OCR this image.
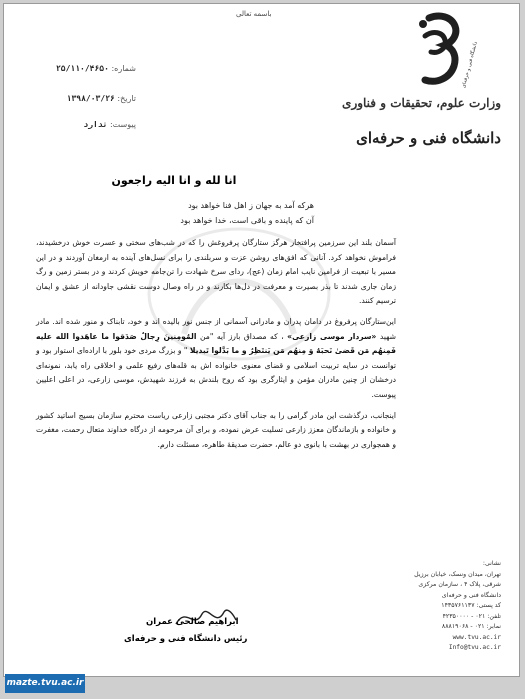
باسمه تعالی
شماره: ۲۵/۱۱۰/۴۶۵۰
تاریخ: ۱۳۹۸/۰۳/۲۶
پیوست: ندارد
دانشگاه فنی و حرفه‌ای
وزارت علوم، تحقیقات و فناوری
دانشگاه فنی و حرفه‌ای
انا لله و انا الیه راجعون
هرکه آمد به جهان ز اهل فنا خواهد بود
آن که پاینده و باقی است، خدا خواهد بود

آسمان بلند این سرزمین پرافتخار هرگز ستارگان پرفروغش را که در شب‌های سختی و عسرت خوش درخشیدند، فراموش نخواهد کرد. آنانی که افق‌های روشن عزت و سربلندی را برای نسل‌های آینده به ارمغان آوردند و در این مسیر با تبعیت از فرامین نایب امام زمان (عج)، ردای سرخ شهادت را تن‌جامه خویش کردند و در بستر زمین و رگ زمان جاری شدند تا بذر بصیرت و معرفت در دل‌ها بکارند و در راه وصال دوست نقشی جاودانه از عشق و ایمان ترسیم کنند.

این‌ستارگان پرفروغ در دامان پدران و مادرانی آسمانی از جنس نور بالیده اند و خود، تابناک و منور شده اند. مادر شهید «سردار موسی زارعی» ، که مصداق بارز آیه "من المُومِنينَ رِجالٌ صَدَقوا ما عاهَدوا الله عليه فَمِنهُم مَن قَضىٰ نَحبَهُ وَ مِنهُم مَن يَنتَظِرُ و ما بَدَّلوا تَبديلا " و بزرگ مردی خود بلور با اراده‌ای استوار بود و توانست در سایه تربیت اسلامی و قضای معنوی خانواده اش به قله‌های رفیع علمی و اخلاقی راه یابد، نمونه‌ای درخشان از چنین مادران مؤمن و ایثارگری بود که روح بلندش به فرزند شهیدش، موسی زارعی، در اعلی اعلیین پیوست.

اینجانب، درگذشت این مادر گرامی را به جناب آقای دکتر مجتبی زارعی ریاست محترم سازمان بسیج اساتید کشور و خانواده و بازماندگان معزز زارعی تسلیت عرض نموده، و برای آن مرحومه از درگاه خداوند متعال رحمت، مغفرت و همجواری در بهشت با بانوی دو عالم، حضرت صدیقهٔ طاهره، مسئلت دارم.

ابراهیم صالحیٔ عمران
رئیس دانشگاه فنی و حرفه‌ای
نشانی:
تهران، میدان ونسک، خیابان برزیل شرقی، پلاک ۴ ، سازمان مرکزی دانشگاه فنی و حرفه‌ای
کد پستی: ۱۴۳۵۷۶۱۱۳۷
تلفن: ۰۲۱ - ۴۲۳۵۰۰۰۰
نمابر: ۰۲۱ - ۸۸۸۱۹۰۶۸
www.tvu.ac.ir
Info@tvu.ac.ir
mazte.tvu.ac.ir
